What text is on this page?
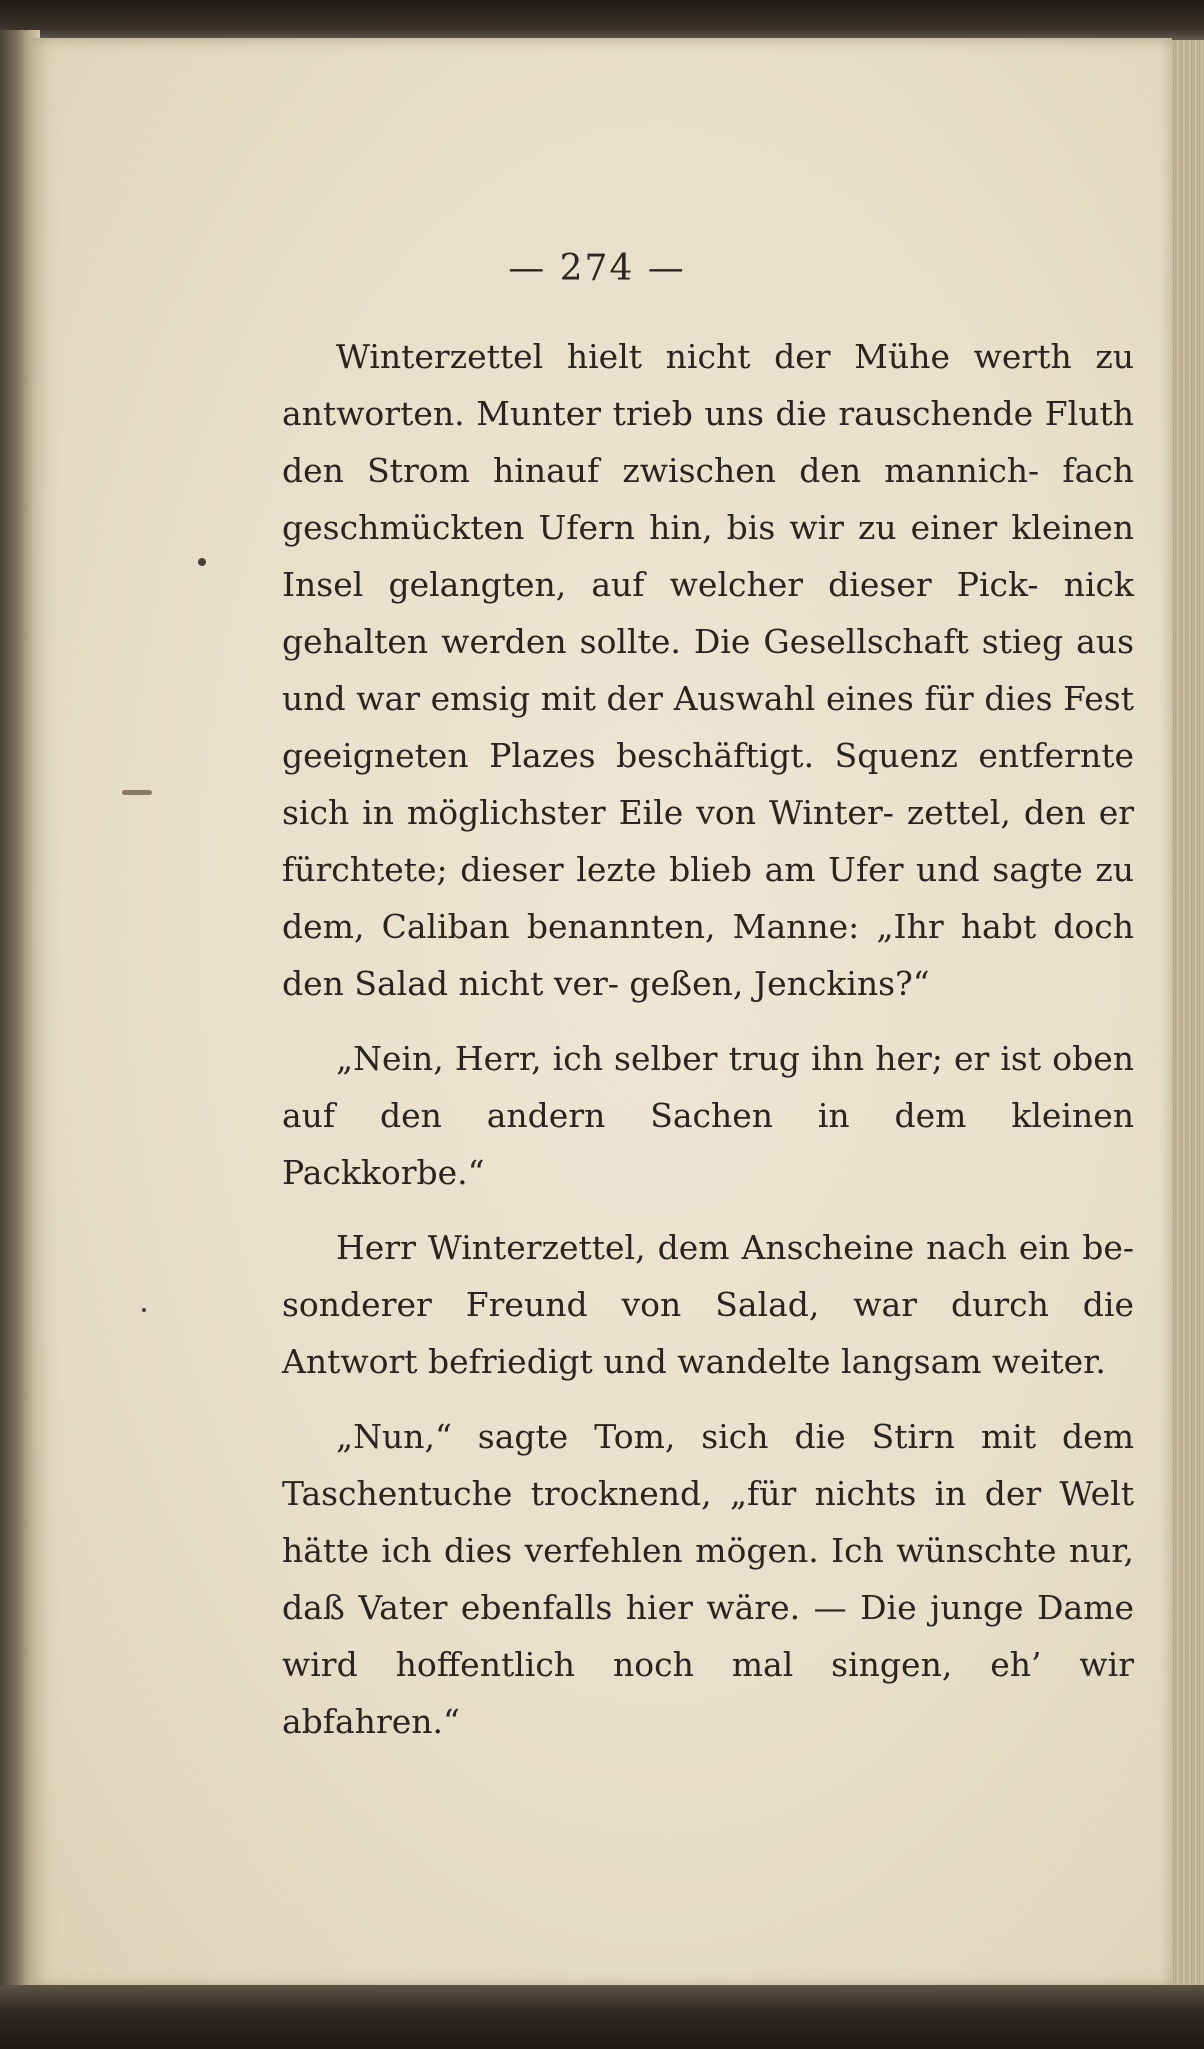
— 274 —

Winterzettel hielt nicht der Mühe werth zu antworten. Munter trieb uns die rauschende Fluth den Strom hinauf zwischen den mannich- fach geschmückten Ufern hin, bis wir zu einer kleinen Insel gelangten, auf welcher dieser Pick- nick gehalten werden sollte. Die Gesellschaft stieg aus und war emsig mit der Auswahl eines für dies Fest geeigneten Plazes beschäftigt. Squenz entfernte sich in möglichster Eile von Winter- zettel, den er fürchtete; dieser lezte blieb am Ufer und sagte zu dem, Caliban benannten, Manne: „Ihr habt doch den Salad nicht ver- geßen, Jenckins?“

„Nein, Herr, ich selber trug ihn her; er ist oben auf den andern Sachen in dem kleinen Packkorbe.“

Herr Winterzettel, dem Anscheine nach ein be- sonderer Freund von Salad, war durch die Antwort befriedigt und wandelte langsam weiter.

„Nun,“ sagte Tom, sich die Stirn mit dem Taschentuche trocknend, „für nichts in der Welt hätte ich dies verfehlen mögen. Ich wünschte nur, daß Vater ebenfalls hier wäre. — Die junge Dame wird hoffentlich noch mal singen, eh’ wir abfahren.“
